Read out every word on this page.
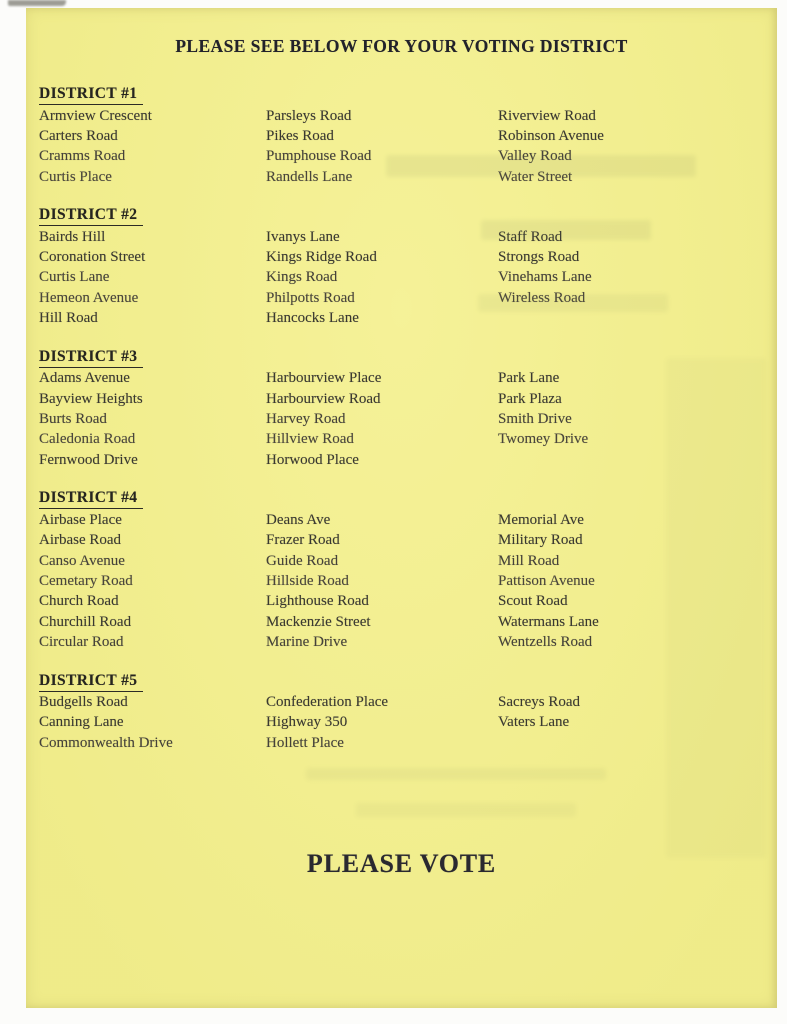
PLEASE SEE BELOW FOR YOUR VOTING DISTRICT
DISTRICT #1
Armview Crescent
Carters Road
Cramms Road
Curtis Place
Parsleys Road
Pikes Road
Pumphouse Road
Randells Lane
Riverview Road
Robinson Avenue
Valley Road
Water Street
DISTRICT #2
Bairds Hill
Coronation Street
Curtis Lane
Hemeon Avenue
Hill Road
Ivanys Lane
Kings Ridge Road
Kings Road
Philpotts Road
Hancocks Lane
Staff Road
Strongs Road
Vinehams Lane
Wireless Road
DISTRICT #3
Adams Avenue
Bayview Heights
Burts Road
Caledonia Road
Fernwood Drive
Harbourview Place
Harbourview Road
Harvey Road
Hillview Road
Horwood Place
Park Lane
Park Plaza
Smith Drive
Twomey Drive
DISTRICT #4
Airbase Place
Airbase Road
Canso Avenue
Cemetary Road
Church Road
Churchill Road
Circular Road
Deans Ave
Frazer Road
Guide Road
Hillside Road
Lighthouse Road
Mackenzie Street
Marine Drive
Memorial Ave
Military Road
Mill Road
Pattison Avenue
Scout Road
Watermans Lane
Wentzells Road
DISTRICT #5
Budgells Road
Canning Lane
Commonwealth Drive
Confederation Place
Highway 350
Hollett Place
Sacreys Road
Vaters Lane
PLEASE VOTE
